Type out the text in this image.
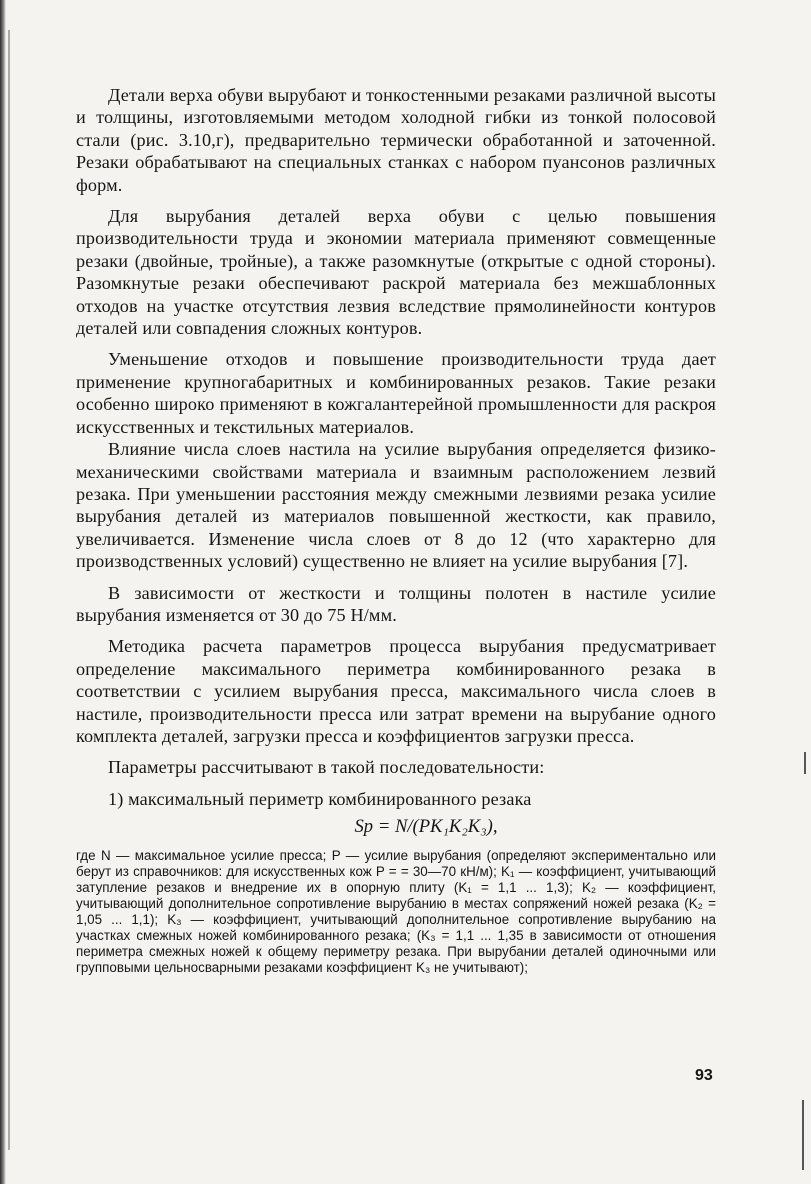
Детали верха обуви вырубают и тонкостенными резаками различной высоты и толщины, изготовляемыми методом холодной гибки из тонкой полосовой стали (рис. 3.10,г), предварительно термически обработанной и заточенной. Резаки обрабатывают на специальных станках с набором пуансонов различных форм.

Для вырубания деталей верха обуви с целью повышения производительности труда и экономии материала применяют совмещенные резаки (двойные, тройные), а также разомкнутые (открытые с одной стороны). Разомкнутые резаки обеспечивают раскрой материала без межшаблонных отходов на участке отсутствия лезвия вследствие прямолинейности контуров деталей или совпадения сложных контуров.

Уменьшение отходов и повышение производительности труда дает применение крупногабаритных и комбинированных резаков. Такие резаки особенно широко применяют в кожгалантерейной промышленности для раскроя искусственных и текстильных материалов.

Влияние числа слоев настила на усилие вырубания определяется физико-механическими свойствами материала и взаимным расположением лезвий резака. При уменьшении расстояния между смежными лезвиями резака усилие вырубания деталей из материалов повышенной жесткости, как правило, увеличивается. Изменение числа слоев от 8 до 12 (что характерно для производственных условий) существенно не влияет на усилие вырубания [7].

В зависимости от жесткости и толщины полотен в настиле усилие вырубания изменяется от 30 до 75 Н/мм.

Методика расчета параметров процесса вырубания предусматривает определение максимального периметра комбинированного резака в соответствии с усилием вырубания пресса, максимального числа слоев в настиле, производительности пресса или затрат времени на вырубание одного комплекта деталей, загрузки пресса и коэффициентов загрузки пресса.

Параметры рассчитывают в такой последовательности:

1) максимальный периметр комбинированного резака

Sр = N/(PK₁K₂K₃),

где N — максимальное усилие пресса; P — усилие вырубания (определяют экспериментально или берут из справочников: для искусственных кож P = = 30—70 кН/м); K₁ — коэффициент, учитывающий затупление резаков и внедрение их в опорную плиту (K₁ = 1,1 ... 1,3); K₂ — коэффициент, учитывающий дополнительное сопротивление вырубанию в местах сопряжений ножей резака (K₂ = 1,05 ... 1,1); K₃ — коэффициент, учитывающий дополнительное сопротивление вырубанию на участках смежных ножей комбинированного резака; (K₃ = 1,1 ... 1,35 в зависимости от отношения периметра смежных ножей к общему периметру резака. При вырубании деталей одиночными или групповыми цельносварными резаками коэффициент K₃ не учитывают);

93
